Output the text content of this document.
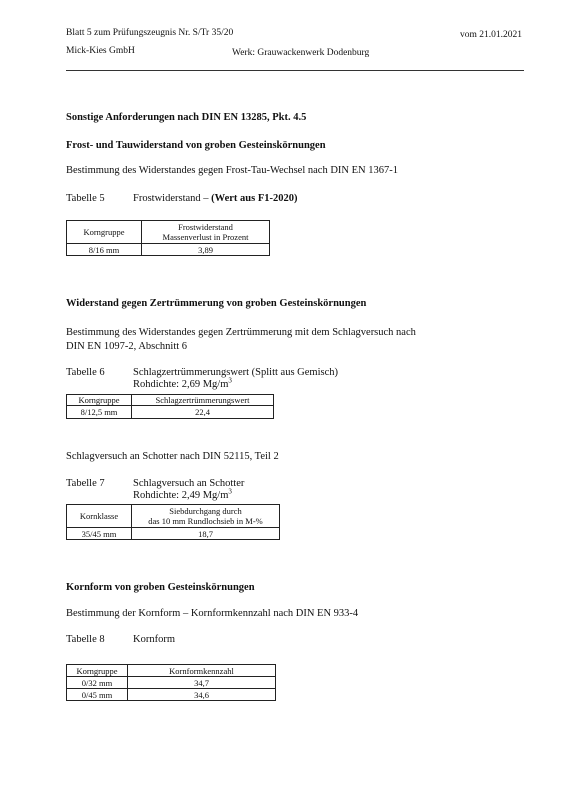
Blatt 5 zum Prüfungszeugnis Nr. S/Tr 35/20	vom 21.01.2021
Mick-Kies GmbH	Werk: Grauwackenwerk Dodenburg
Sonstige Anforderungen nach DIN EN 13285, Pkt. 4.5
Frost- und Tauwiderstand von groben Gesteinskörnungen
Bestimmung des Widerstandes gegen Frost-Tau-Wechsel nach DIN EN 1367-1
Tabelle 5	Frostwiderstand – (Wert aus F1-2020)
Korngruppe	Frostwiderstand
Massenverlust in Prozent

8/16 mm	3,89
Widerstand gegen Zertrümmerung von groben Gesteinskörnungen
Bestimmung des Widerstandes gegen Zertrümmerung mit dem Schlagversuch nach
DIN EN 1097-2, Abschnitt 6
Tabelle 6	Schlagzertrümmerungswert (Splitt aus Gemisch)
Rohdichte: 2,69 $Mg/m^3$
Korngruppe	Schlagzertrümmerungswert
8/12,5 mm	22,4
Schlagversuch an Schotter nach DIN 52115, Teil 2
Tabelle 7	Schlagversuch an Schotter
Rohdichte: 2,49 $Mg/m^3$
Kornklasse	Siebdurchgang durch
das 10 mm Rundlochsieb in M-%

35/45 mm	18,7
Kornform von groben Gesteinskörnungen
Bestimmung der Kornform – Kornformkennzahl nach DIN EN 933-4
Tabelle 8	Kornform
Korngruppe	Kornformkennzahl
0/32 mm	34,7
0/45 mm	34,6
